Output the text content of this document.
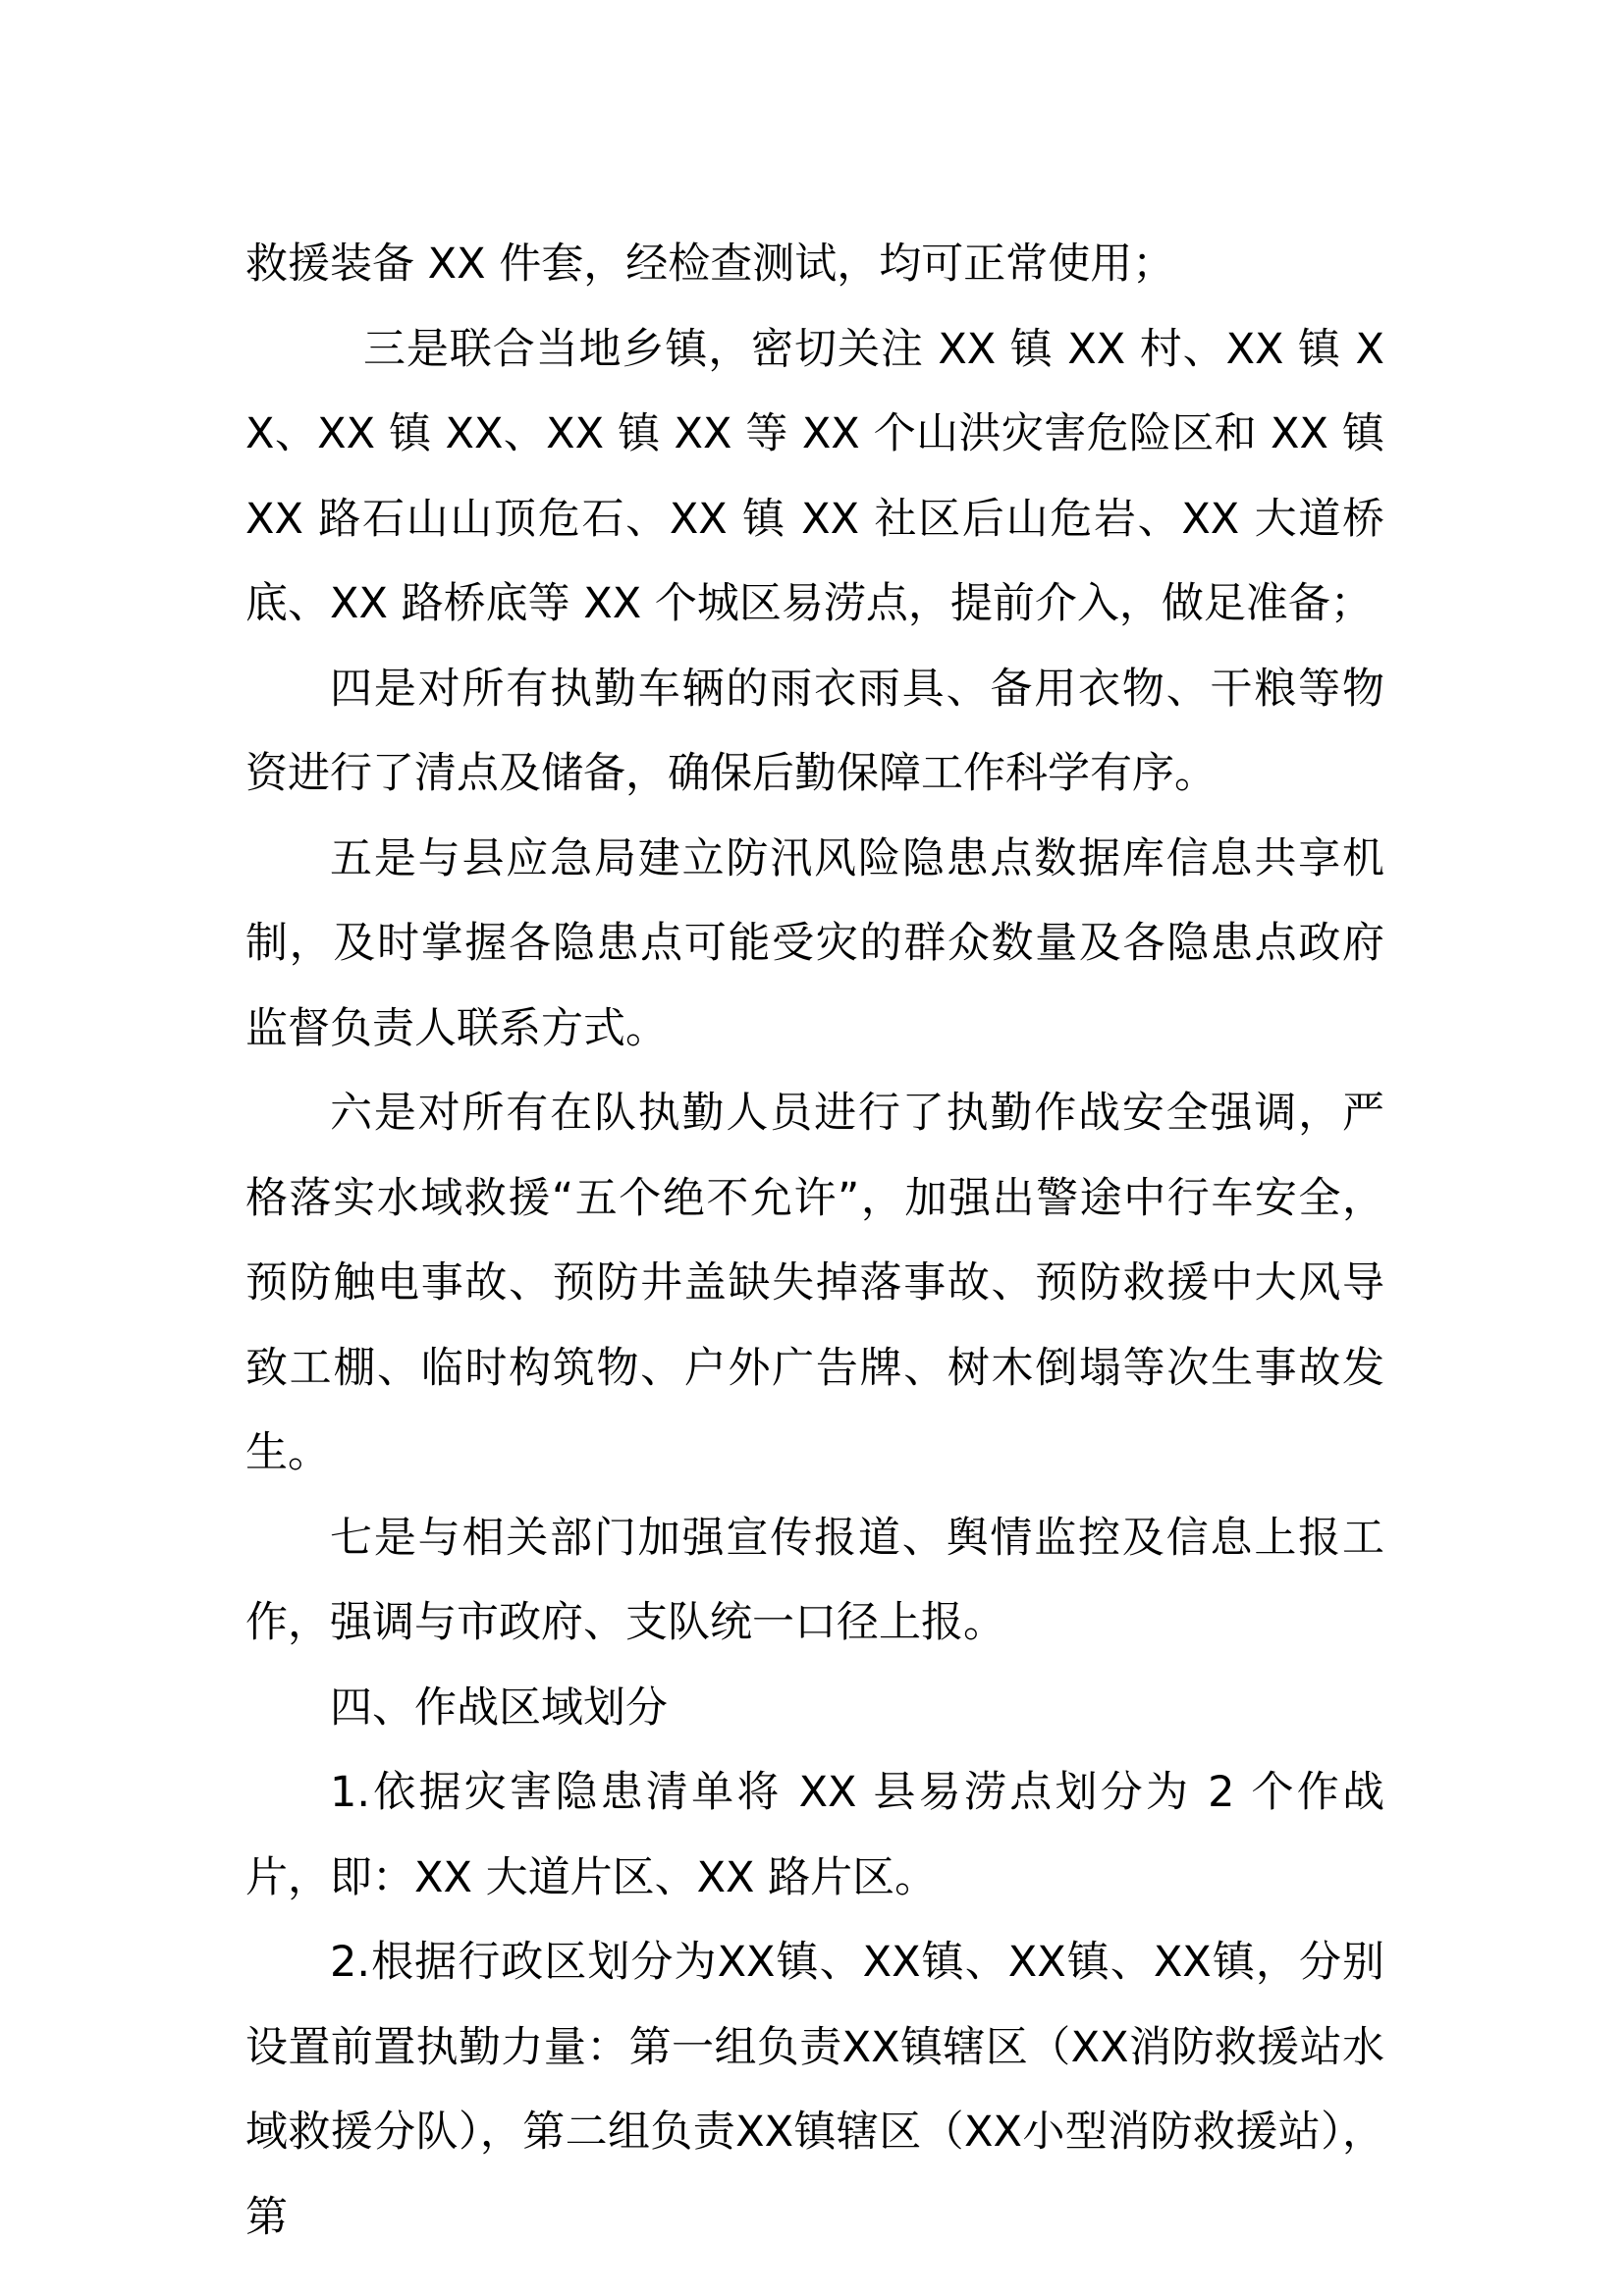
救援装备 XX 件套，经检查测试，均可正常使用；

三是联合当地乡镇，密切关注 XX 镇 XX 村、XX 镇 XX、XX 镇 XX、XX 镇 XX 等 XX 个山洪灾害危险区和 XX 镇 XX 路石山山顶危石、XX 镇 XX 社区后山危岩、XX 大道桥底、XX 路桥底等 XX 个城区易涝点，提前介入，做足准备；

四是对所有执勤车辆的雨衣雨具、备用衣物、干粮等物资进行了清点及储备，确保后勤保障工作科学有序。

五是与县应急局建立防汛风险隐患点数据库信息共享机制，及时掌握各隐患点可能受灾的群众数量及各隐患点政府监督负责人联系方式。

六是对所有在队执勤人员进行了执勤作战安全强调，严格落实水域救援“五个绝不允许”，加强出警途中行车安全，预防触电事故、预防井盖缺失掉落事故、预防救援中大风导致工棚、临时构筑物、户外广告牌、树木倒塌等次生事故发生。

七是与相关部门加强宣传报道、舆情监控及信息上报工作，强调与市政府、支队统一口径上报。

四、作战区域划分

1.依据灾害隐患清单将 XX 县易涝点划分为 2 个作战片，即：XX 大道片区、XX 路片区。

2.根据行政区划分为XX镇、XX镇、XX镇、XX镇，分别设置前置执勤力量：第一组负责XX镇辖区（XX消防救援站水域救援分队），第二组负责XX镇辖区（XX小型消防救援站），第
